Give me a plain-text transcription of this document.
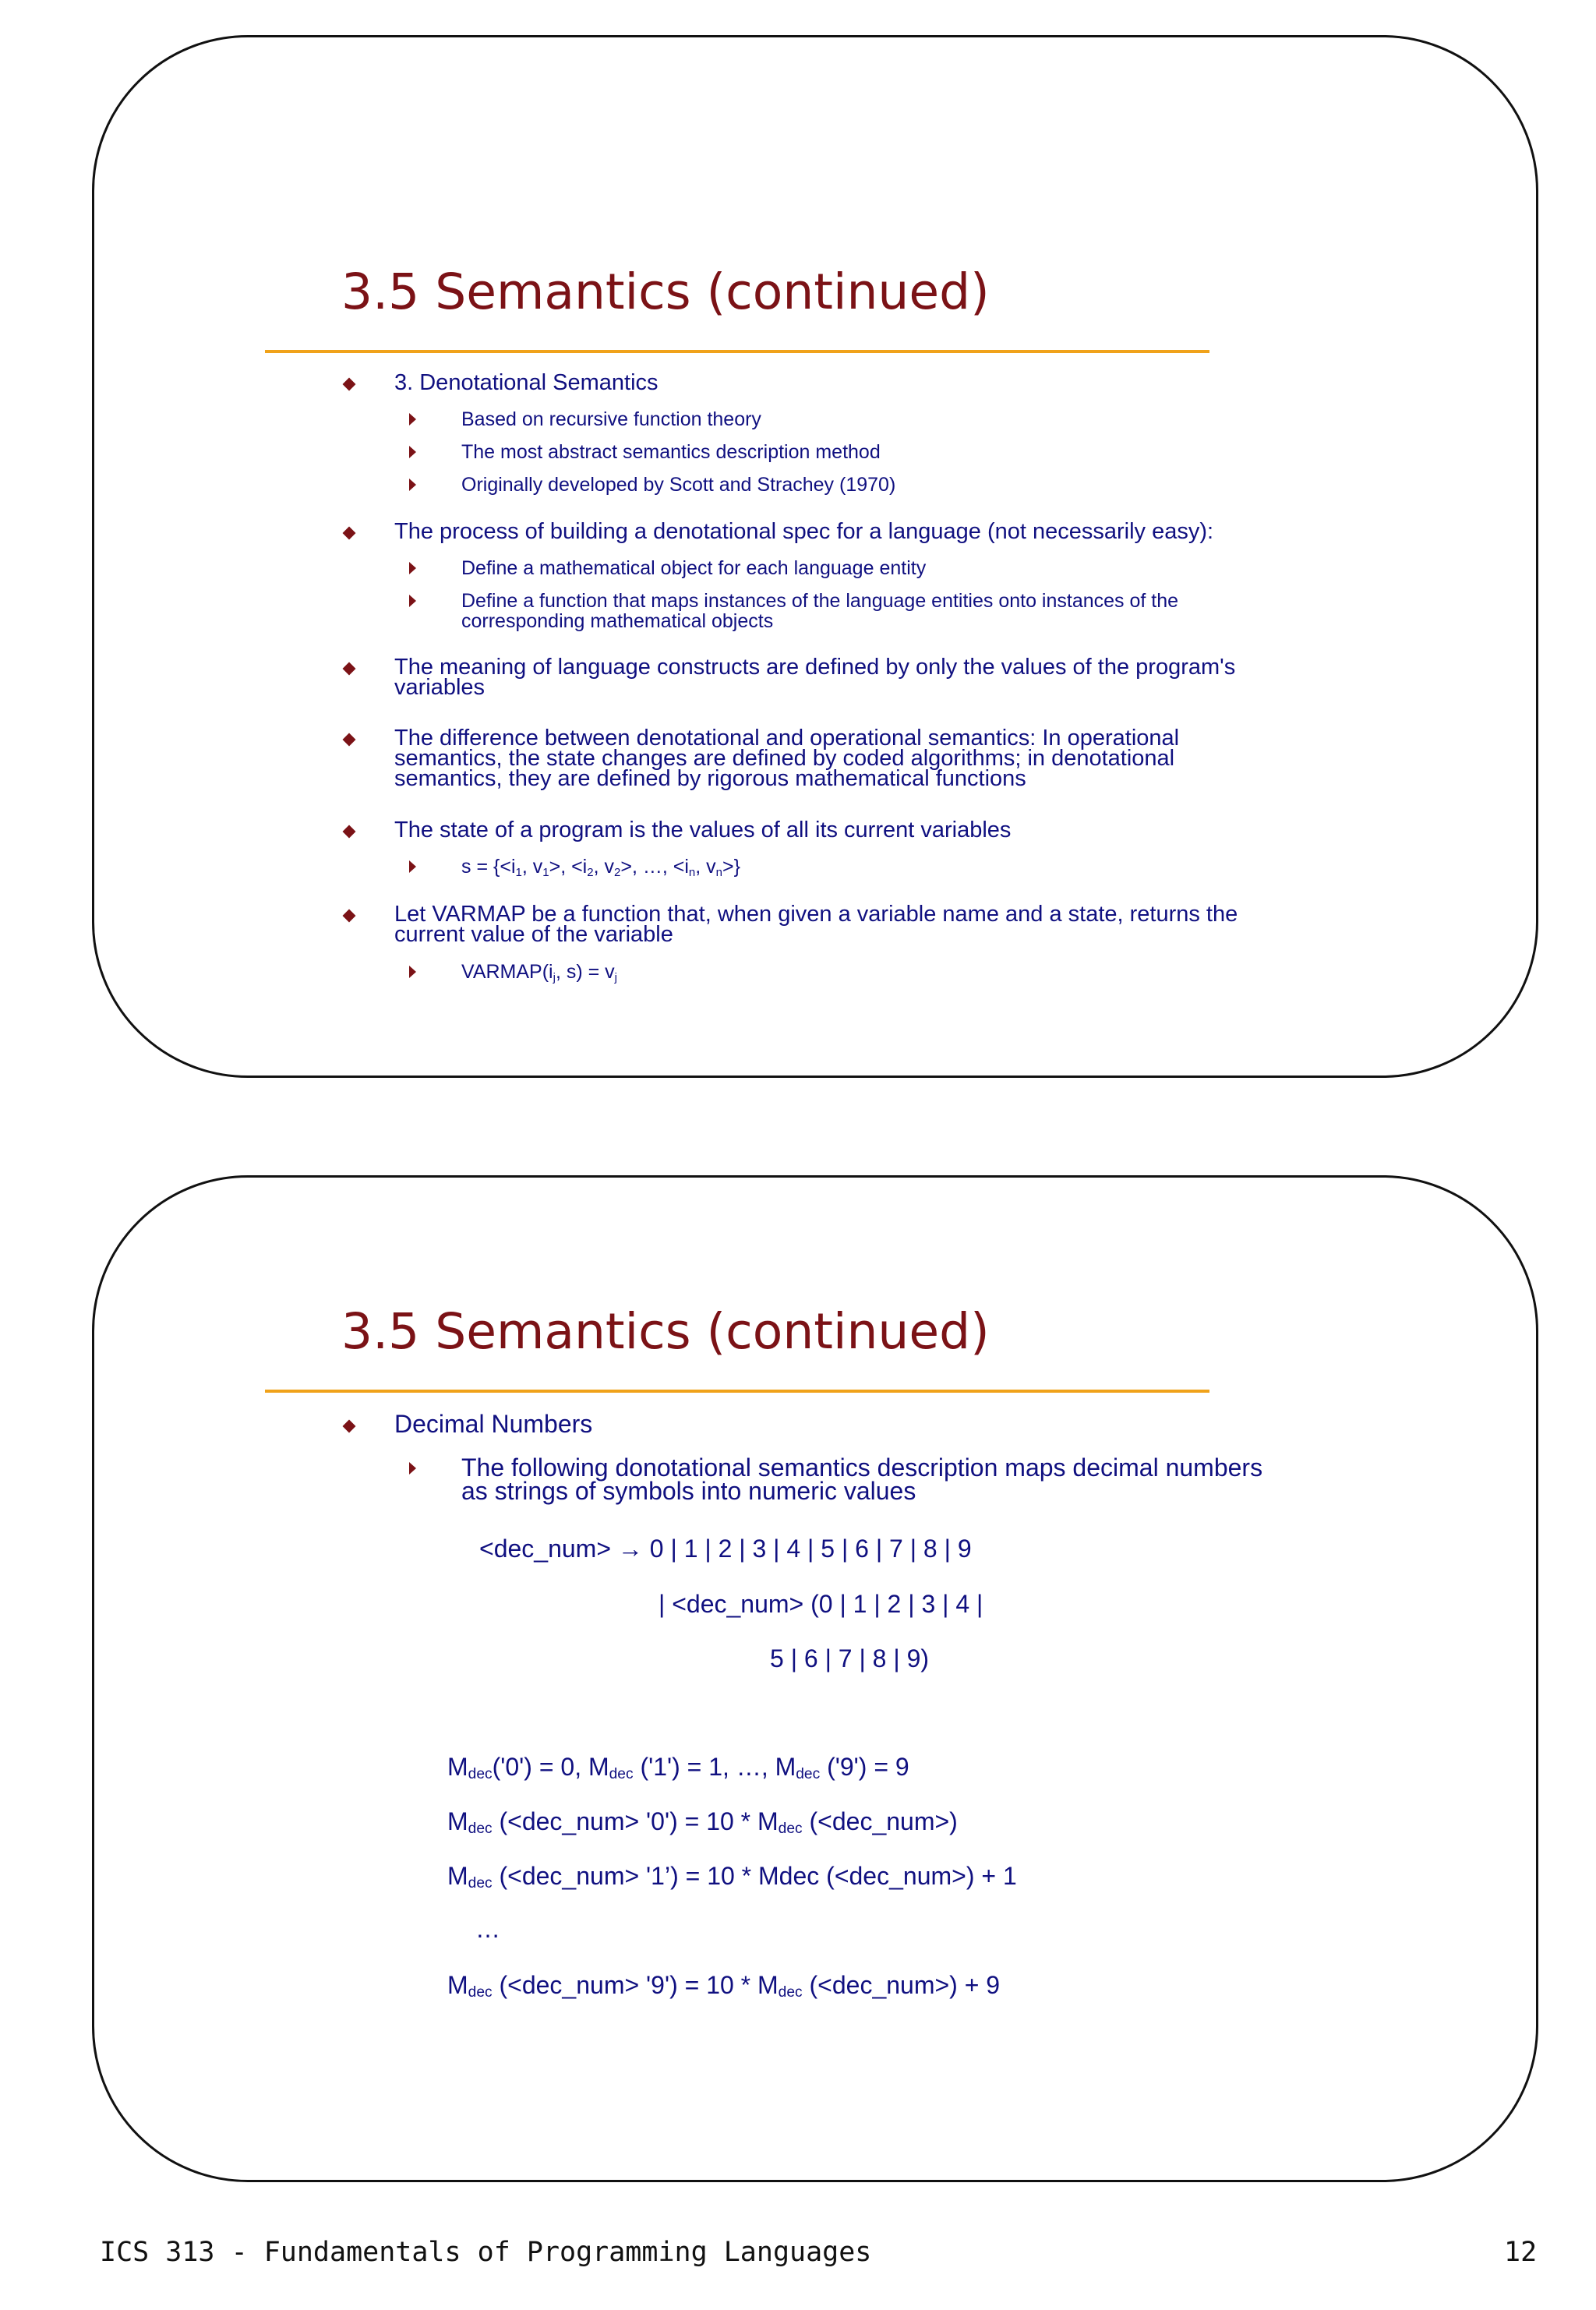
3.5 Semantics (continued)
3. Denotational Semantics
Based on recursive function theory
The most abstract semantics description method
Originally developed by Scott and Strachey (1970)
The process of building a denotational spec for a language (not necessarily easy):
Define a mathematical object for each language entity
Define a function that maps instances of the language entities onto instances of the
corresponding mathematical objects
The meaning of language constructs are defined by only the values of the program's
variables
The difference between denotational and operational semantics: In operational
semantics, the state changes are defined by coded algorithms; in denotational
semantics, they are defined by rigorous mathematical functions
The state of a program is the values of all its current variables
$s = \{<i_1$, $v_1>$, $<i_2$, $v_2>$, …, $<i_n$, $v_n>$}
Let VARMAP be a function that, when given a variable name and a state, returns the
current value of the variable
$VARMAP(i_j$, $s) = v_j$
3.5 Semantics (continued)
Decimal Numbers
The following donotational semantics description maps decimal numbers
as strings of symbols into numeric values
<dec_num> → 0 | 1 | 2 | 3 | 4 | 5 | 6 | 7 | 8 | 9
| <dec_num> (0 | 1 | 2 | 3 | 4 |
5 | 6 | 7 | 8 | 9)
$M_{dec}('0') = 0$, $M_{dec}$ ('1') = 1, …, $M_{dec}$ ('9') = 9
$M_{dec}$ (<dec_num> '$0') = 10 * M_{dec}$ (<dec_num>)
$M_{dec}$ (<dec_num> '1’) = 10 * Mdec (<dec_num>) + 1
…
$M_{dec}$ (<dec_num> '$9') = 10 * M_{dec}$ (<dec_num>) + 9
ICS 313 - Fundamentals of Programming Languages	12
